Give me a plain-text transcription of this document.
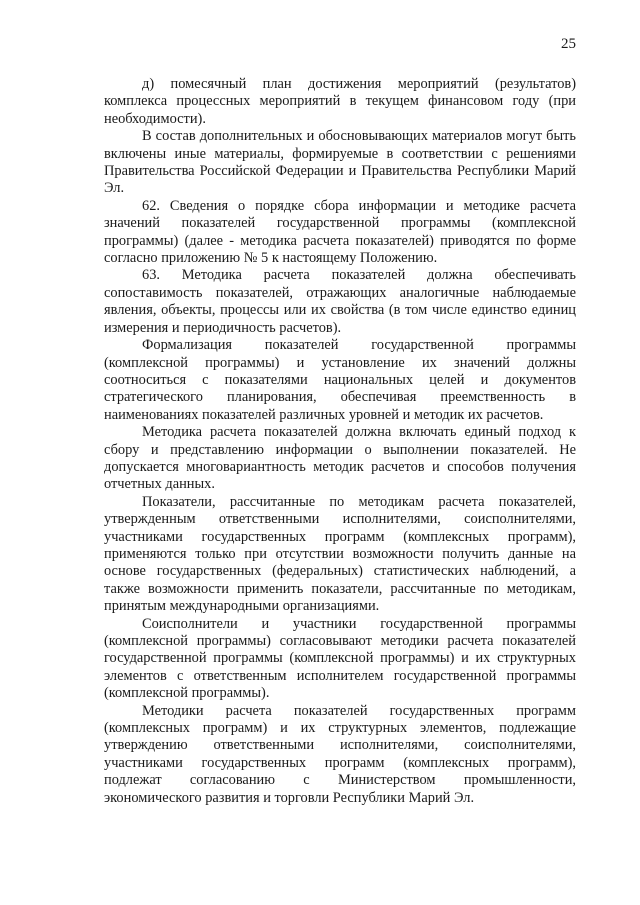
25

д) помесячный план достижения мероприятий (результатов) комплекса процессных мероприятий в текущем финансовом году (при необходимости).

В состав дополнительных и обосновывающих материалов могут быть включены иные материалы, формируемые в соответствии с решениями Правительства Российской Федерации и Правительства Республики Марий Эл.

62. Сведения о порядке сбора информации и методике расчета значений показателей государственной программы (комплексной программы) (далее - методика расчета показателей) приводятся по форме согласно приложению № 5 к настоящему Положению.

63. Методика расчета показателей должна обеспечивать сопоставимость показателей, отражающих аналогичные наблюдаемые явления, объекты, процессы или их свойства (в том числе единство единиц измерения и периодичность расчетов).

Формализация показателей государственной программы (комплексной программы) и установление их значений должны соотноситься с показателями национальных целей и документов стратегического планирования, обеспечивая преемственность в наименованиях показателей различных уровней и методик их расчетов.

Методика расчета показателей должна включать единый подход к сбору и представлению информации о выполнении показателей. Не допускается многовариантность методик расчетов и способов получения отчетных данных.

Показатели, рассчитанные по методикам расчета показателей, утвержденным ответственными исполнителями, соисполнителями, участниками государственных программ (комплексных программ), применяются только при отсутствии возможности получить данные на основе государственных (федеральных) статистических наблюдений, а также возможности применить показатели, рассчитанные по методикам, принятым международными организациями.

Соисполнители и участники государственной программы (комплексной программы) согласовывают методики расчета показателей государственной программы (комплексной программы) и их структурных элементов с ответственным исполнителем государственной программы (комплексной программы).

Методики расчета показателей государственных программ (комплексных программ) и их структурных элементов, подлежащие утверждению ответственными исполнителями, соисполнителями, участниками государственных программ (комплексных программ), подлежат согласованию с Министерством промышленности, экономического развития и торговли Республики Марий Эл.
